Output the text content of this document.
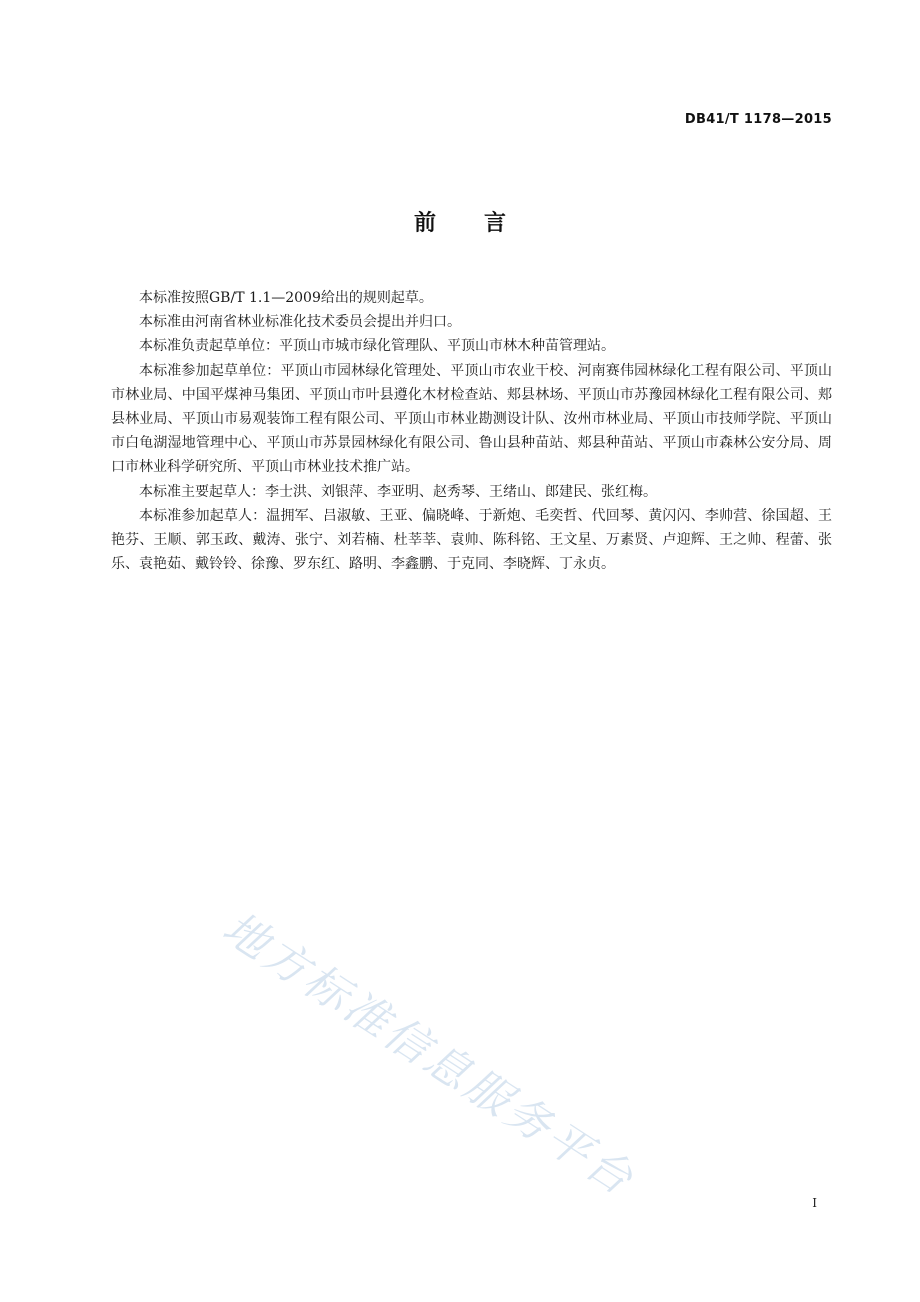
DB41/T 1178—2015
前言

本标准按照GB/T 1.1—2009给出的规则起草。

本标准由河南省林业标准化技术委员会提出并归口。

本标准负责起草单位：平顶山市城市绿化管理队、平顶山市林木种苗管理站。

本标准参加起草单位：平顶山市园林绿化管理处、平顶山市农业干校、河南赛伟园林绿化工程有限公司、平顶山市林业局、中国平煤神马集团、平顶山市叶县遵化木材检查站、郏县林场、平顶山市苏豫园林绿化工程有限公司、郏县林业局、平顶山市易观装饰工程有限公司、平顶山市林业勘测设计队、汝州市林业局、平顶山市技师学院、平顶山市白龟湖湿地管理中心、平顶山市苏景园林绿化有限公司、鲁山县种苗站、郏县种苗站、平顶山市森林公安分局、周口市林业科学研究所、平顶山市林业技术推广站。

本标准主要起草人：李士洪、刘银萍、李亚明、赵秀琴、王绪山、郎建民、张红梅。

本标准参加起草人：温拥军、吕淑敏、王亚、偏晓峰、于新炮、毛奕哲、代回琴、黄闪闪、李帅营、徐国超、王艳芬、王顺、郭玉政、戴涛、张宁、刘若楠、杜莘莘、袁帅、陈科铭、王文星、万素贤、卢迎辉、王之帅、程蕾、张乐、袁艳茹、戴铃铃、徐豫、罗东红、路明、李鑫鹏、于克同、李晓辉、丁永贞。

地方标准信息服务平台	I
